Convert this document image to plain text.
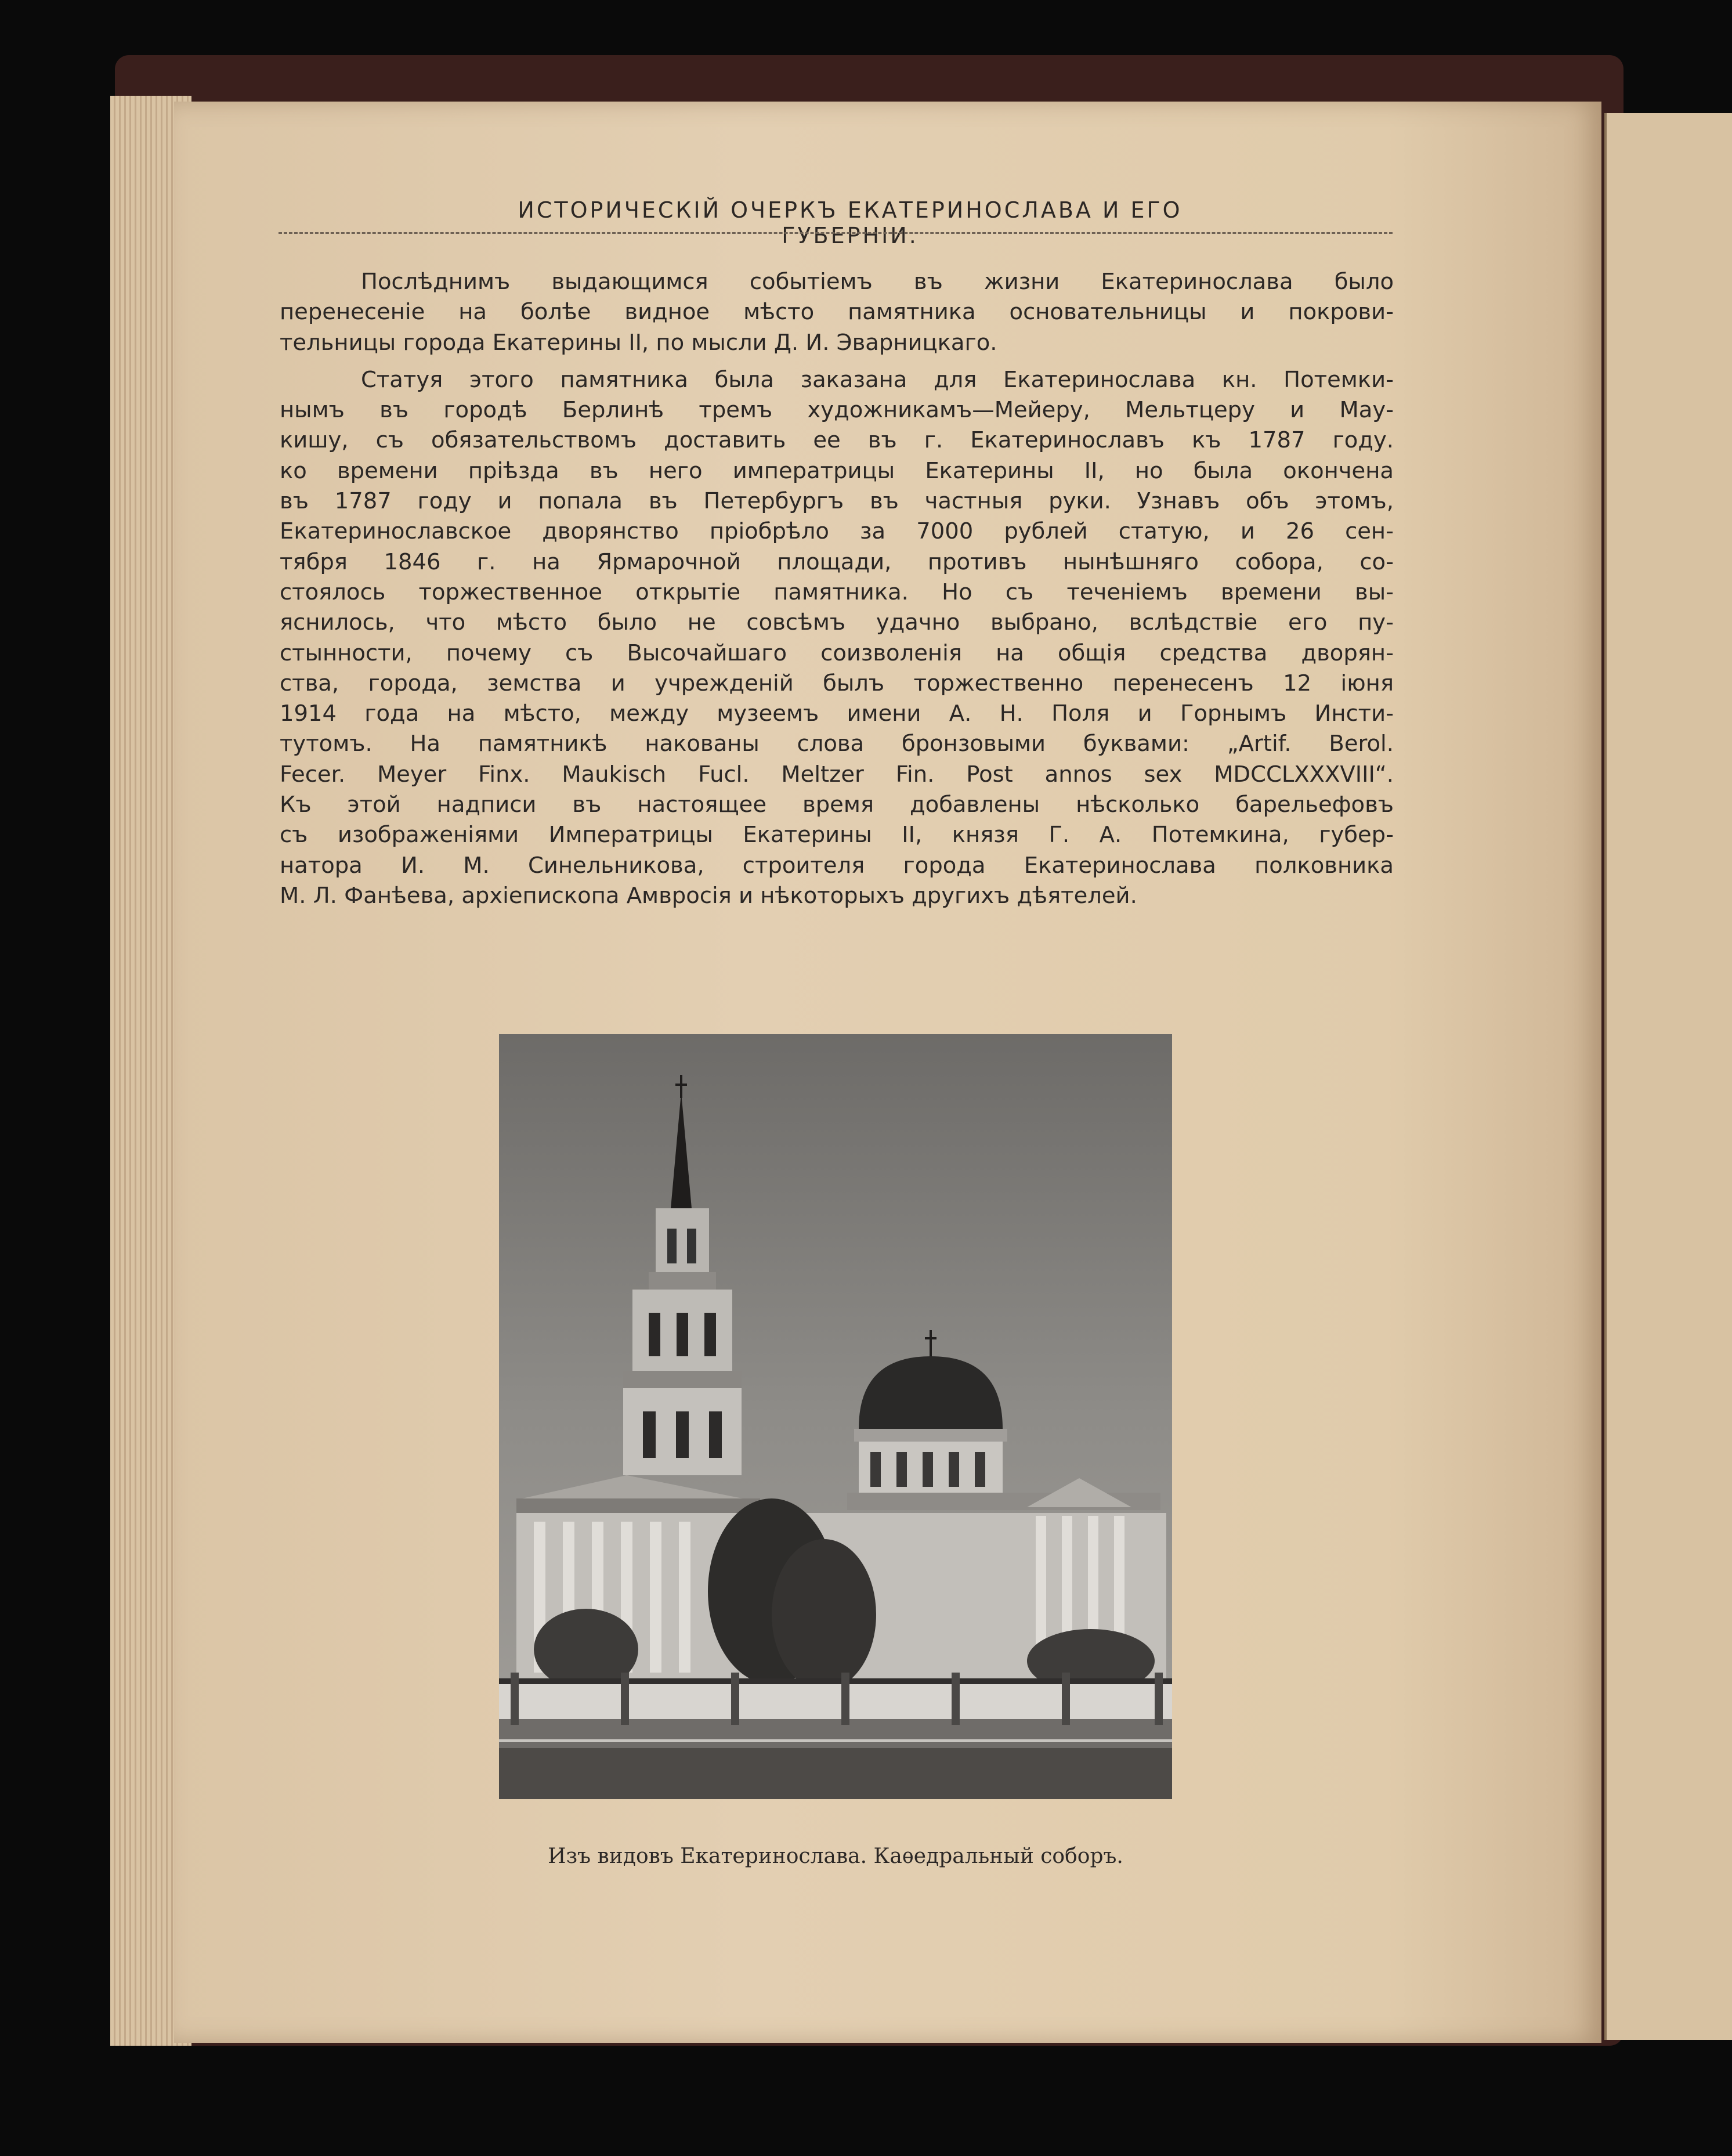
ИСТОРИЧЕСКІЙ ОЧЕРКЪ ЕКАТЕРИНОСЛАВА И ЕГО ГУБЕРНІИ.
Послѣднимъ выдающимся событіемъ въ жизни Екатеринослава было
перенесеніе на болѣе видное мѣсто памятника основательницы и покрови-
тельницы города Екатерины II, по мысли Д. И. Эварницкаго.
Статуя этого памятника была заказана для Екатеринослава кн. Потемки-
нымъ въ городѣ Берлинѣ тремъ художникамъ—Мейеру, Мельтцеру и Мау-
кишу, съ обязательствомъ доставить ее въ г. Екатеринославъ къ 1787 году.
ко времени пріѣзда въ него императрицы Екатерины II, но была окончена
въ 1787 году и попала въ Петербургъ въ частныя руки. Узнавъ объ этомъ,
Екатеринославское дворянство пріобрѣло за 7000 рублей статую, и 26 сен-
тября 1846 г. на Ярмарочной площади, противъ нынѣшняго собора, со-
стоялось торжественное открытіе памятника. Но съ теченіемъ времени вы-
яснилось, что мѣсто было не совсѣмъ удачно выбрано, вслѣдствіе его пу-
стынности, почему съ Высочайшаго соизволенія на общія средства дворян-
ства, города, земства и учрежденій былъ торжественно перенесенъ 12 іюня
1914 года на мѣсто, между музеемъ имени А. Н. Поля и Горнымъ Инсти-
тутомъ. На памятникѣ накованы слова бронзовыми буквами: „Artif. Berol.
Fecer. Meyer Finx. Maukisch Fucl. Meltzer Fin. Post annos sex MDCCLXXXVIII“.
Къ этой надписи въ настоящее время добавлены нѣсколько барельефовъ
съ изображеніями Императрицы Екатерины II, князя Г. А. Потемкина, губер-
натора И. М. Синельникова, строителя города Екатеринослава полковника
М. Л. Фанѣева, архіепископа Амвросія и нѣкоторыхъ другихъ дѣятелей.
Изъ видовъ Екатеринослава. Каѳедральный соборъ.
